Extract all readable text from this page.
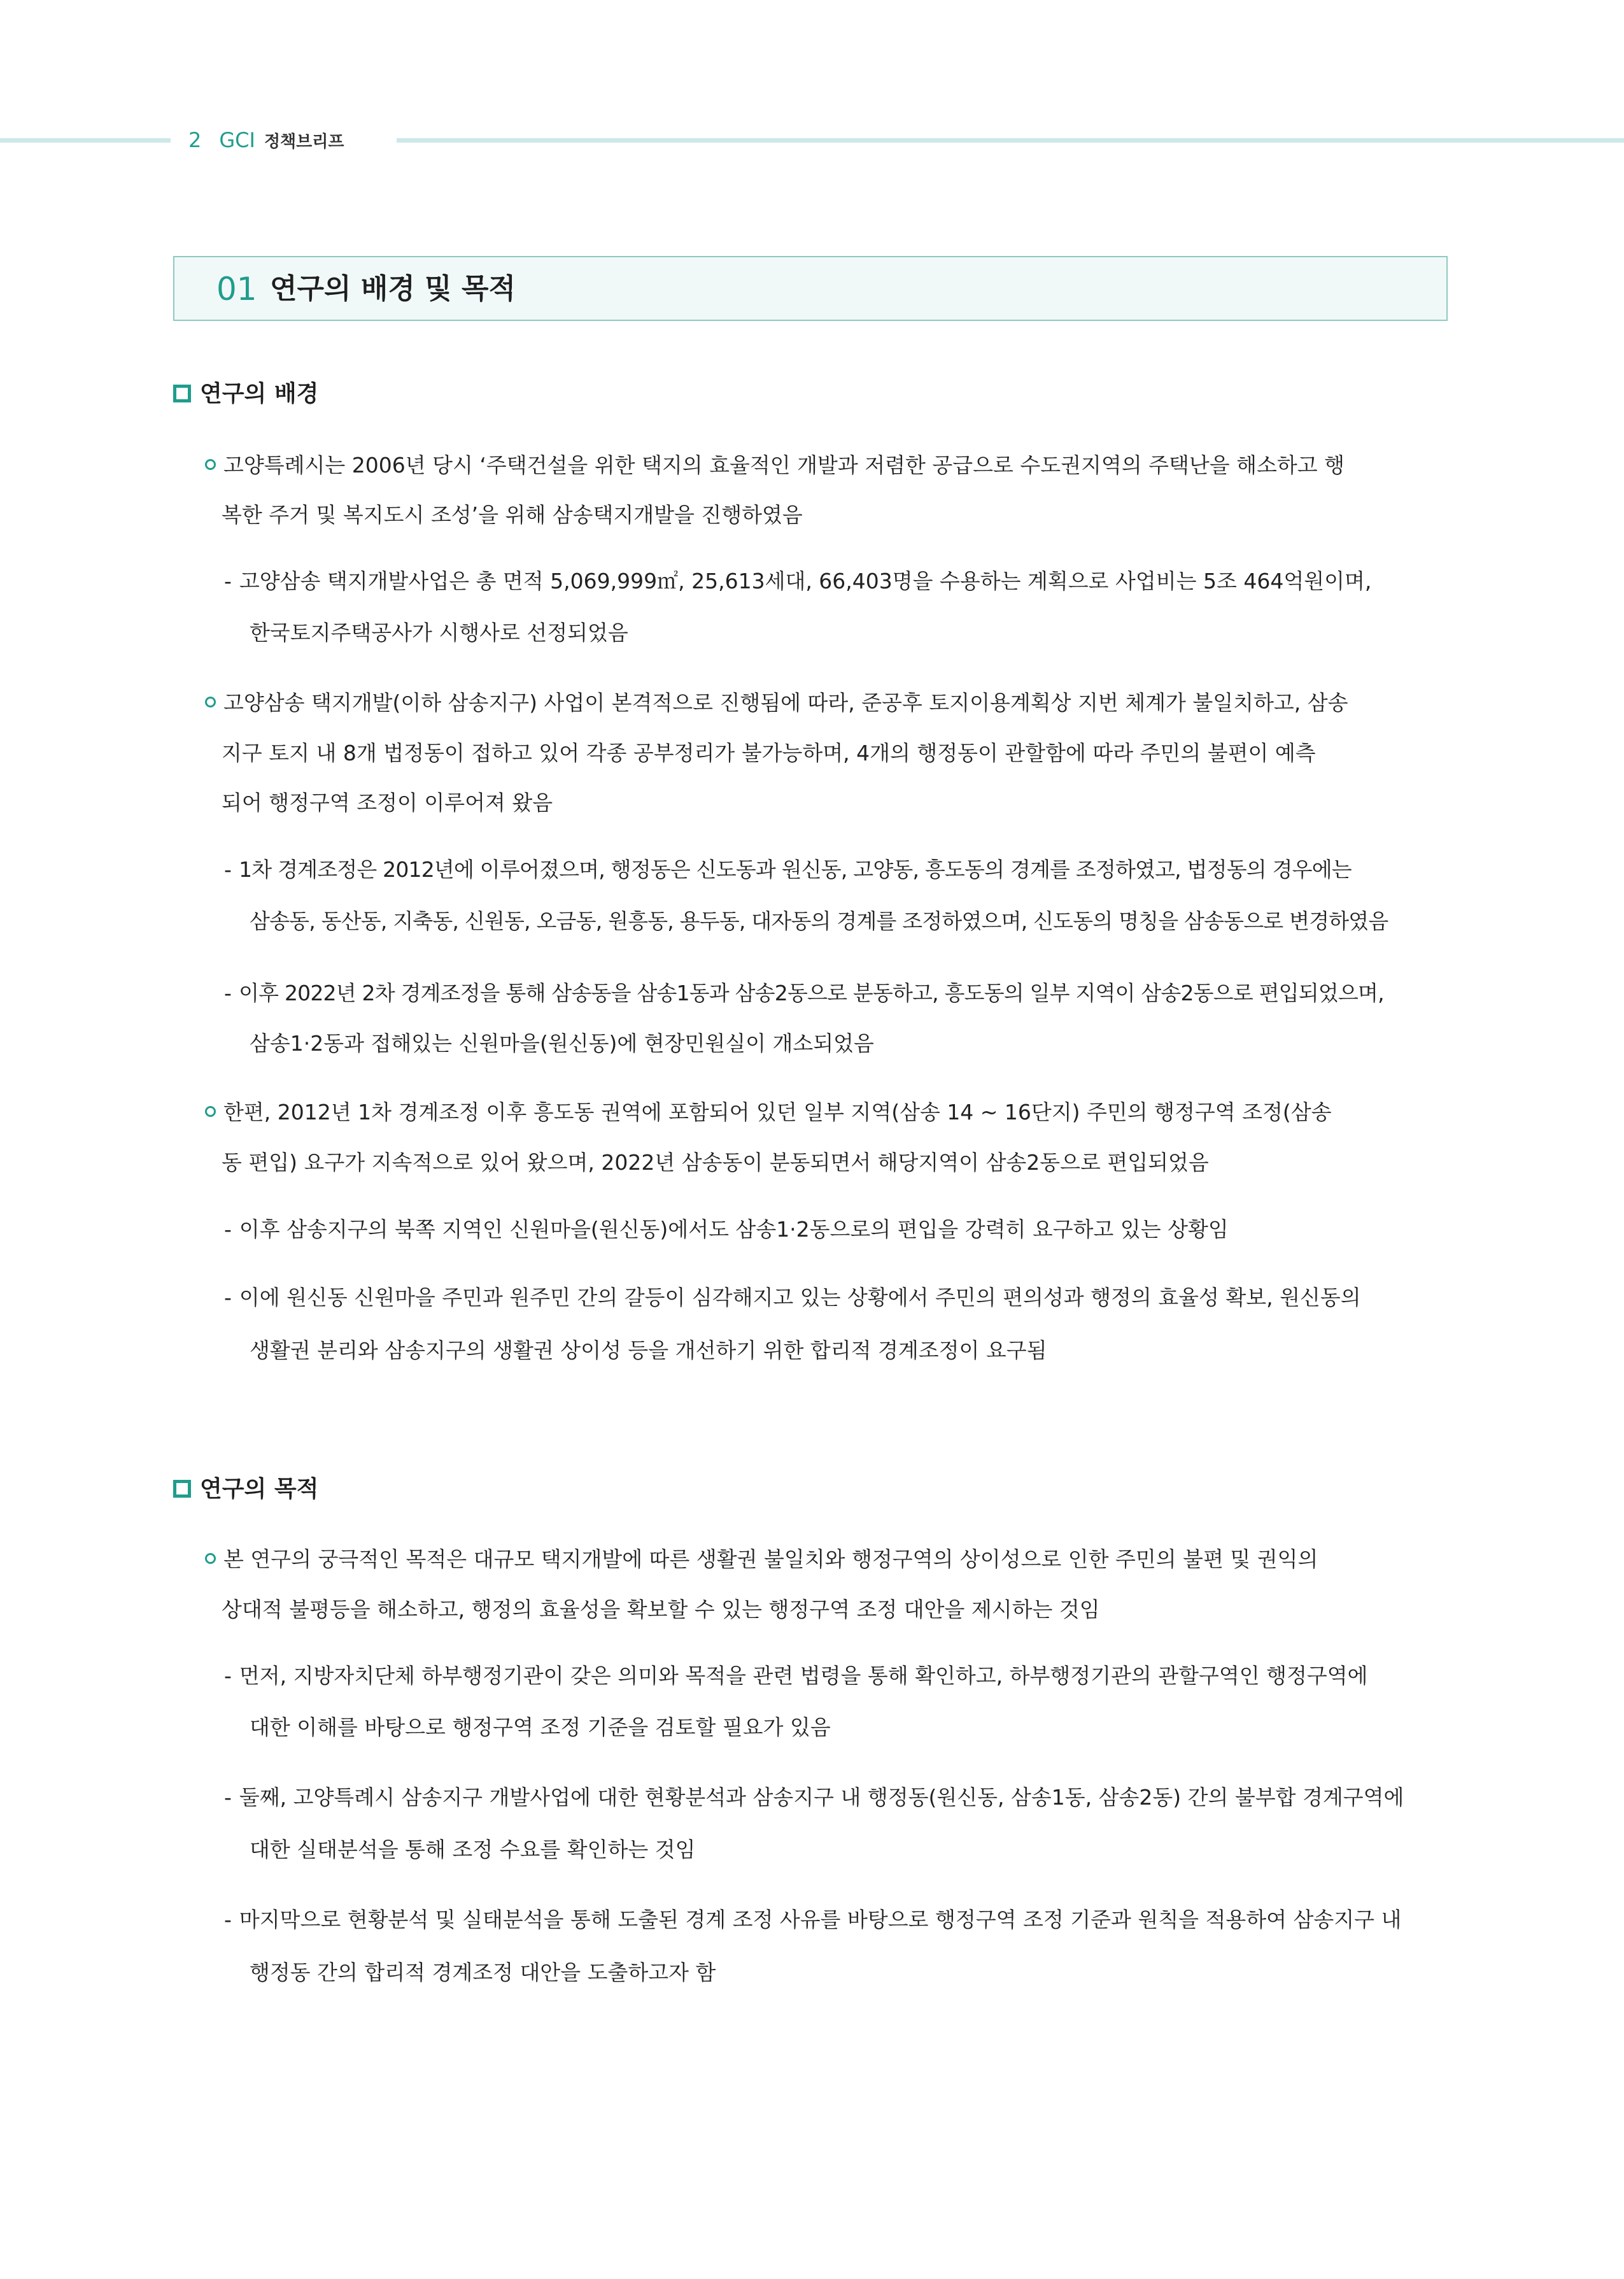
2 GCI 정책브리프
01 연구의 배경 및 목적
연구의 배경
고양특례시는 2006년 당시 ‘주택건설을 위한 택지의 효율적인 개발과 저렴한 공급으로 수도권지역의 주택난을 해소하고 행
복한 주거 및 복지도시 조성’을 위해 삼송택지개발을 진행하였음
- 고양삼송 택지개발사업은 총 면적 5,069,999㎡, 25,613세대, 66,403명을 수용하는 계획으로 사업비는 5조 464억원이며,
한국토지주택공사가 시행사로 선정되었음
고양삼송 택지개발(이하 삼송지구) 사업이 본격적으로 진행됨에 따라, 준공후 토지이용계획상 지번 체계가 불일치하고, 삼송
지구 토지 내 8개 법정동이 접하고 있어 각종 공부정리가 불가능하며, 4개의 행정동이 관할함에 따라 주민의 불편이 예측
되어 행정구역 조정이 이루어져 왔음
- 1차 경계조정은 2012년에 이루어졌으며, 행정동은 신도동과 원신동, 고양동, 흥도동의 경계를 조정하였고, 법정동의 경우에는
삼송동, 동산동, 지축동, 신원동, 오금동, 원흥동, 용두동, 대자동의 경계를 조정하였으며, 신도동의 명칭을 삼송동으로 변경하였음
- 이후 2022년 2차 경계조정을 통해 삼송동을 삼송1동과 삼송2동으로 분동하고, 흥도동의 일부 지역이 삼송2동으로 편입되었으며,
삼송1·2동과 접해있는 신원마을(원신동)에 현장민원실이 개소되었음
한편, 2012년 1차 경계조정 이후 흥도동 권역에 포함되어 있던 일부 지역(삼송 14 ~ 16단지) 주민의 행정구역 조정(삼송
동 편입) 요구가 지속적으로 있어 왔으며, 2022년 삼송동이 분동되면서 해당지역이 삼송2동으로 편입되었음
- 이후 삼송지구의 북쪽 지역인 신원마을(원신동)에서도 삼송1·2동으로의 편입을 강력히 요구하고 있는 상황임
- 이에 원신동 신원마을 주민과 원주민 간의 갈등이 심각해지고 있는 상황에서 주민의 편의성과 행정의 효율성 확보, 원신동의
생활권 분리와 삼송지구의 생활권 상이성 등을 개선하기 위한 합리적 경계조정이 요구됨
연구의 목적
본 연구의 궁극적인 목적은 대규모 택지개발에 따른 생활권 불일치와 행정구역의 상이성으로 인한 주민의 불편 및 권익의
상대적 불평등을 해소하고, 행정의 효율성을 확보할 수 있는 행정구역 조정 대안을 제시하는 것임
- 먼저, 지방자치단체 하부행정기관이 갖은 의미와 목적을 관련 법령을 통해 확인하고, 하부행정기관의 관할구역인 행정구역에
대한 이해를 바탕으로 행정구역 조정 기준을 검토할 필요가 있음
- 둘째, 고양특례시 삼송지구 개발사업에 대한 현황분석과 삼송지구 내 행정동(원신동, 삼송1동, 삼송2동) 간의 불부합 경계구역에
대한 실태분석을 통해 조정 수요를 확인하는 것임
- 마지막으로 현황분석 및 실태분석을 통해 도출된 경계 조정 사유를 바탕으로 행정구역 조정 기준과 원칙을 적용하여 삼송지구 내
행정동 간의 합리적 경계조정 대안을 도출하고자 함
